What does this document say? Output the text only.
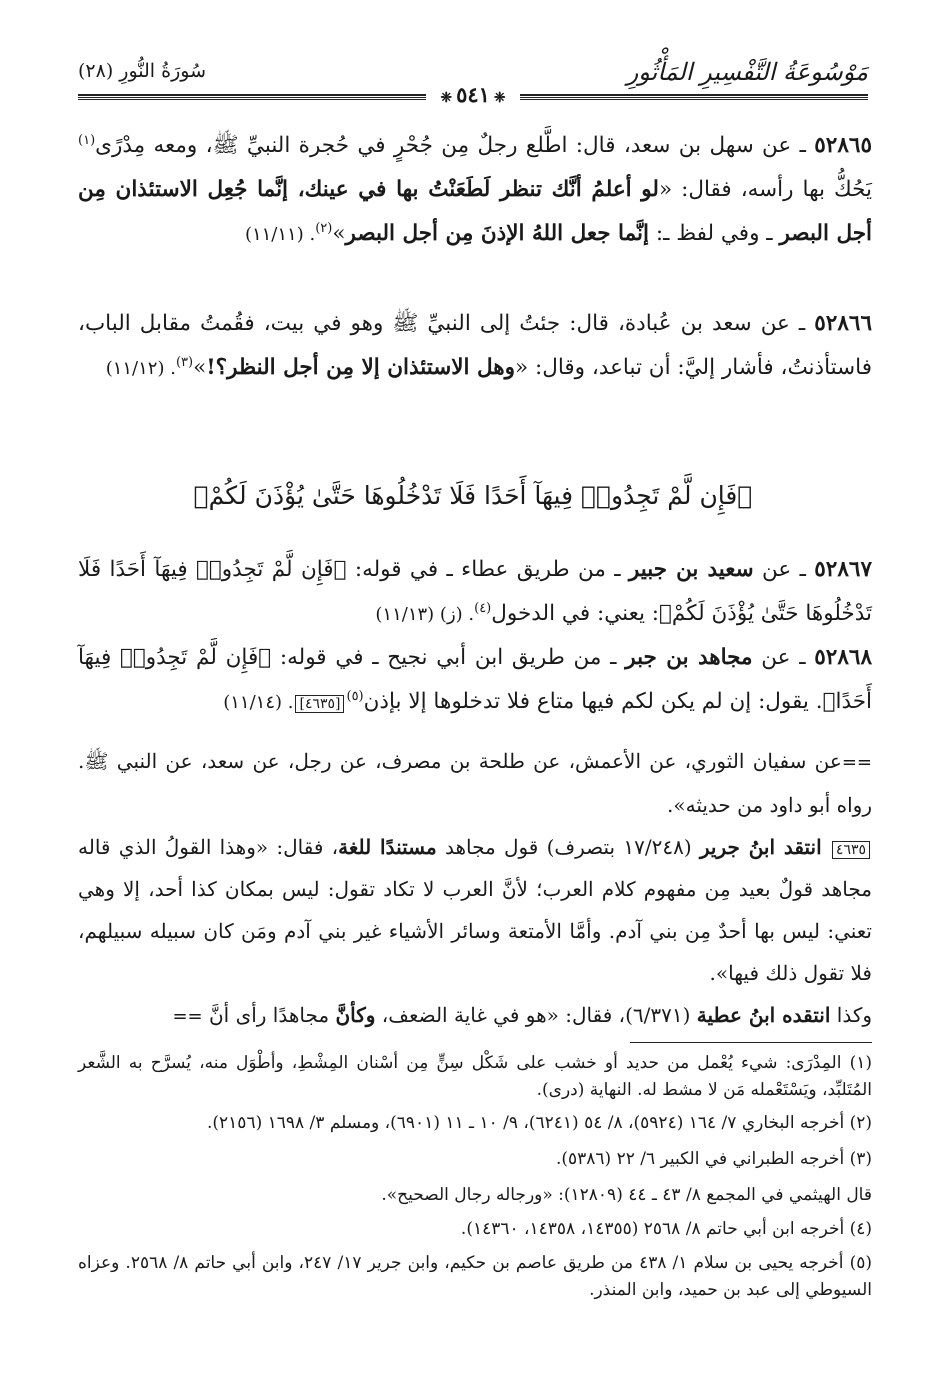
مَوْسُوعَةُ التَّفْسِيرِ المَأْثُورِ
سُورَةُ النُّورِ (٢٨)
❈٥٤١❈
٥٢٨٦٥ ـ عن سهل بن سعد، قال: اطَّلع رجلٌ مِن جُحْرٍ في حُجرة النبيِّ ﷺ، ومعه مِدْرًى$^{(١)}$ يَحُكُّ بها رأسه، فقال: «لو أعلمُ أنَّك تنظر لَطَعَنْتُ بها في عينك، إنَّما جُعِل الاستئذان مِن أجل البصر ـ وفي لفظ ـ: إنَّما جعل اللهُ الإذنَ مِن أجل البصر»$^{(٢)}$. (١١/١١)
٥٢٨٦٦ ـ عن سعد بن عُبادة، قال: جئتُ إلى النبيِّ ﷺ وهو في بيت، فقُمتُ مقابل الباب، فاستأذنتُ، فأشار إليَّ: أن تباعد، وقال: «وهل الاستئذان إلا مِن أجل النظر؟!»$^{(٣)}$. (١١/١٢)
﴿فَإِن لَّمْ تَجِدُوا۟ فِيهَآ أَحَدًا فَلَا تَدْخُلُوهَا حَتَّىٰ يُؤْذَنَ لَكُمْ﴾
٥٢٨٦٧ ـ عن سعيد بن جبير ـ من طريق عطاء ـ في قوله: ﴿فَإِن لَّمْ تَجِدُوا۟ فِيهَآ أَحَدًا فَلَا تَدْخُلُوهَا حَتَّىٰ يُؤْذَنَ لَكُمْ﴾: يعني: في الدخول$^{(٤)}$. (ز) (١١/١٣)
٥٢٨٦٨ ـ عن مجاهد بن جبر ـ من طريق ابن أبي نجيح ـ في قوله: ﴿فَإِن لَّمْ تَجِدُوا۟ فِيهَآ أَحَدًا﴾. يقول: إن لم يكن لكم فيها متاع فلا تدخلوها إلا بإذن$^{(٥)}$[٤٦٣٥]. (١١/١٤)
==عن سفيان الثوري، عن الأعمش، عن طلحة بن مصرف، عن رجل، عن سعد، عن النبي ﷺ. رواه أبو داود من حديثه».
٤٦٣٥ انتقد ابنُ جرير (١٧/٢٤٨ بتصرف) قول مجاهد مستندًا للغة، فقال: «وهذا القولُ الذي قاله مجاهد قولٌ بعيد مِن مفهوم كلام العرب؛ لأنَّ العرب لا تكاد تقول: ليس بمكان كذا أحد، إلا وهي تعني: ليس بها أحدٌ مِن بني آدم. وأمَّا الأمتعة وسائر الأشياء غير بني آدم ومَن كان سبيله سبيلهم، فلا تقول ذلك فيها».
وكذا انتقده ابنُ عطية (٦/٣٧١)، فقال: «هو في غاية الضعف، وكأنَّ مجاهدًا رأى أنَّ ==
(١) المِدْرَى: شيء يُعْمل من حديد أو خشب على شَكْل سِنٍّ مِن أسْنان المِشْطِ، وأطْوَل منه، يُسرَّح به الشَّعر المُتَلبِّد، ويَسْتَعْمله مَن لا مشط له. النهاية (درى).
(٢) أخرجه البخاري ٧/ ١٦٤ (٥٩٢٤)، ٨/ ٥٤ (٦٢٤١)، ٩/ ١٠ ـ ١١ (٦٩٠١)، ومسلم ٣/ ١٦٩٨ (٢١٥٦).
(٣) أخرجه الطبراني في الكبير ٦/ ٢٢ (٥٣٨٦).
قال الهيثمي في المجمع ٨/ ٤٣ ـ ٤٤ (١٢٨٠٩): «ورجاله رجال الصحيح».
(٤) أخرجه ابن أبي حاتم ٨/ ٢٥٦٨ (١٤٣٥٥، ١٤٣٥٨، ١٤٣٦٠).
(٥) أخرجه يحيى بن سلام ١/ ٤٣٨ من طريق عاصم بن حكيم، وابن جرير ١٧/ ٢٤٧، وابن أبي حاتم ٨/ ٢٥٦٨. وعزاه السيوطي إلى عبد بن حميد، وابن المنذر.
